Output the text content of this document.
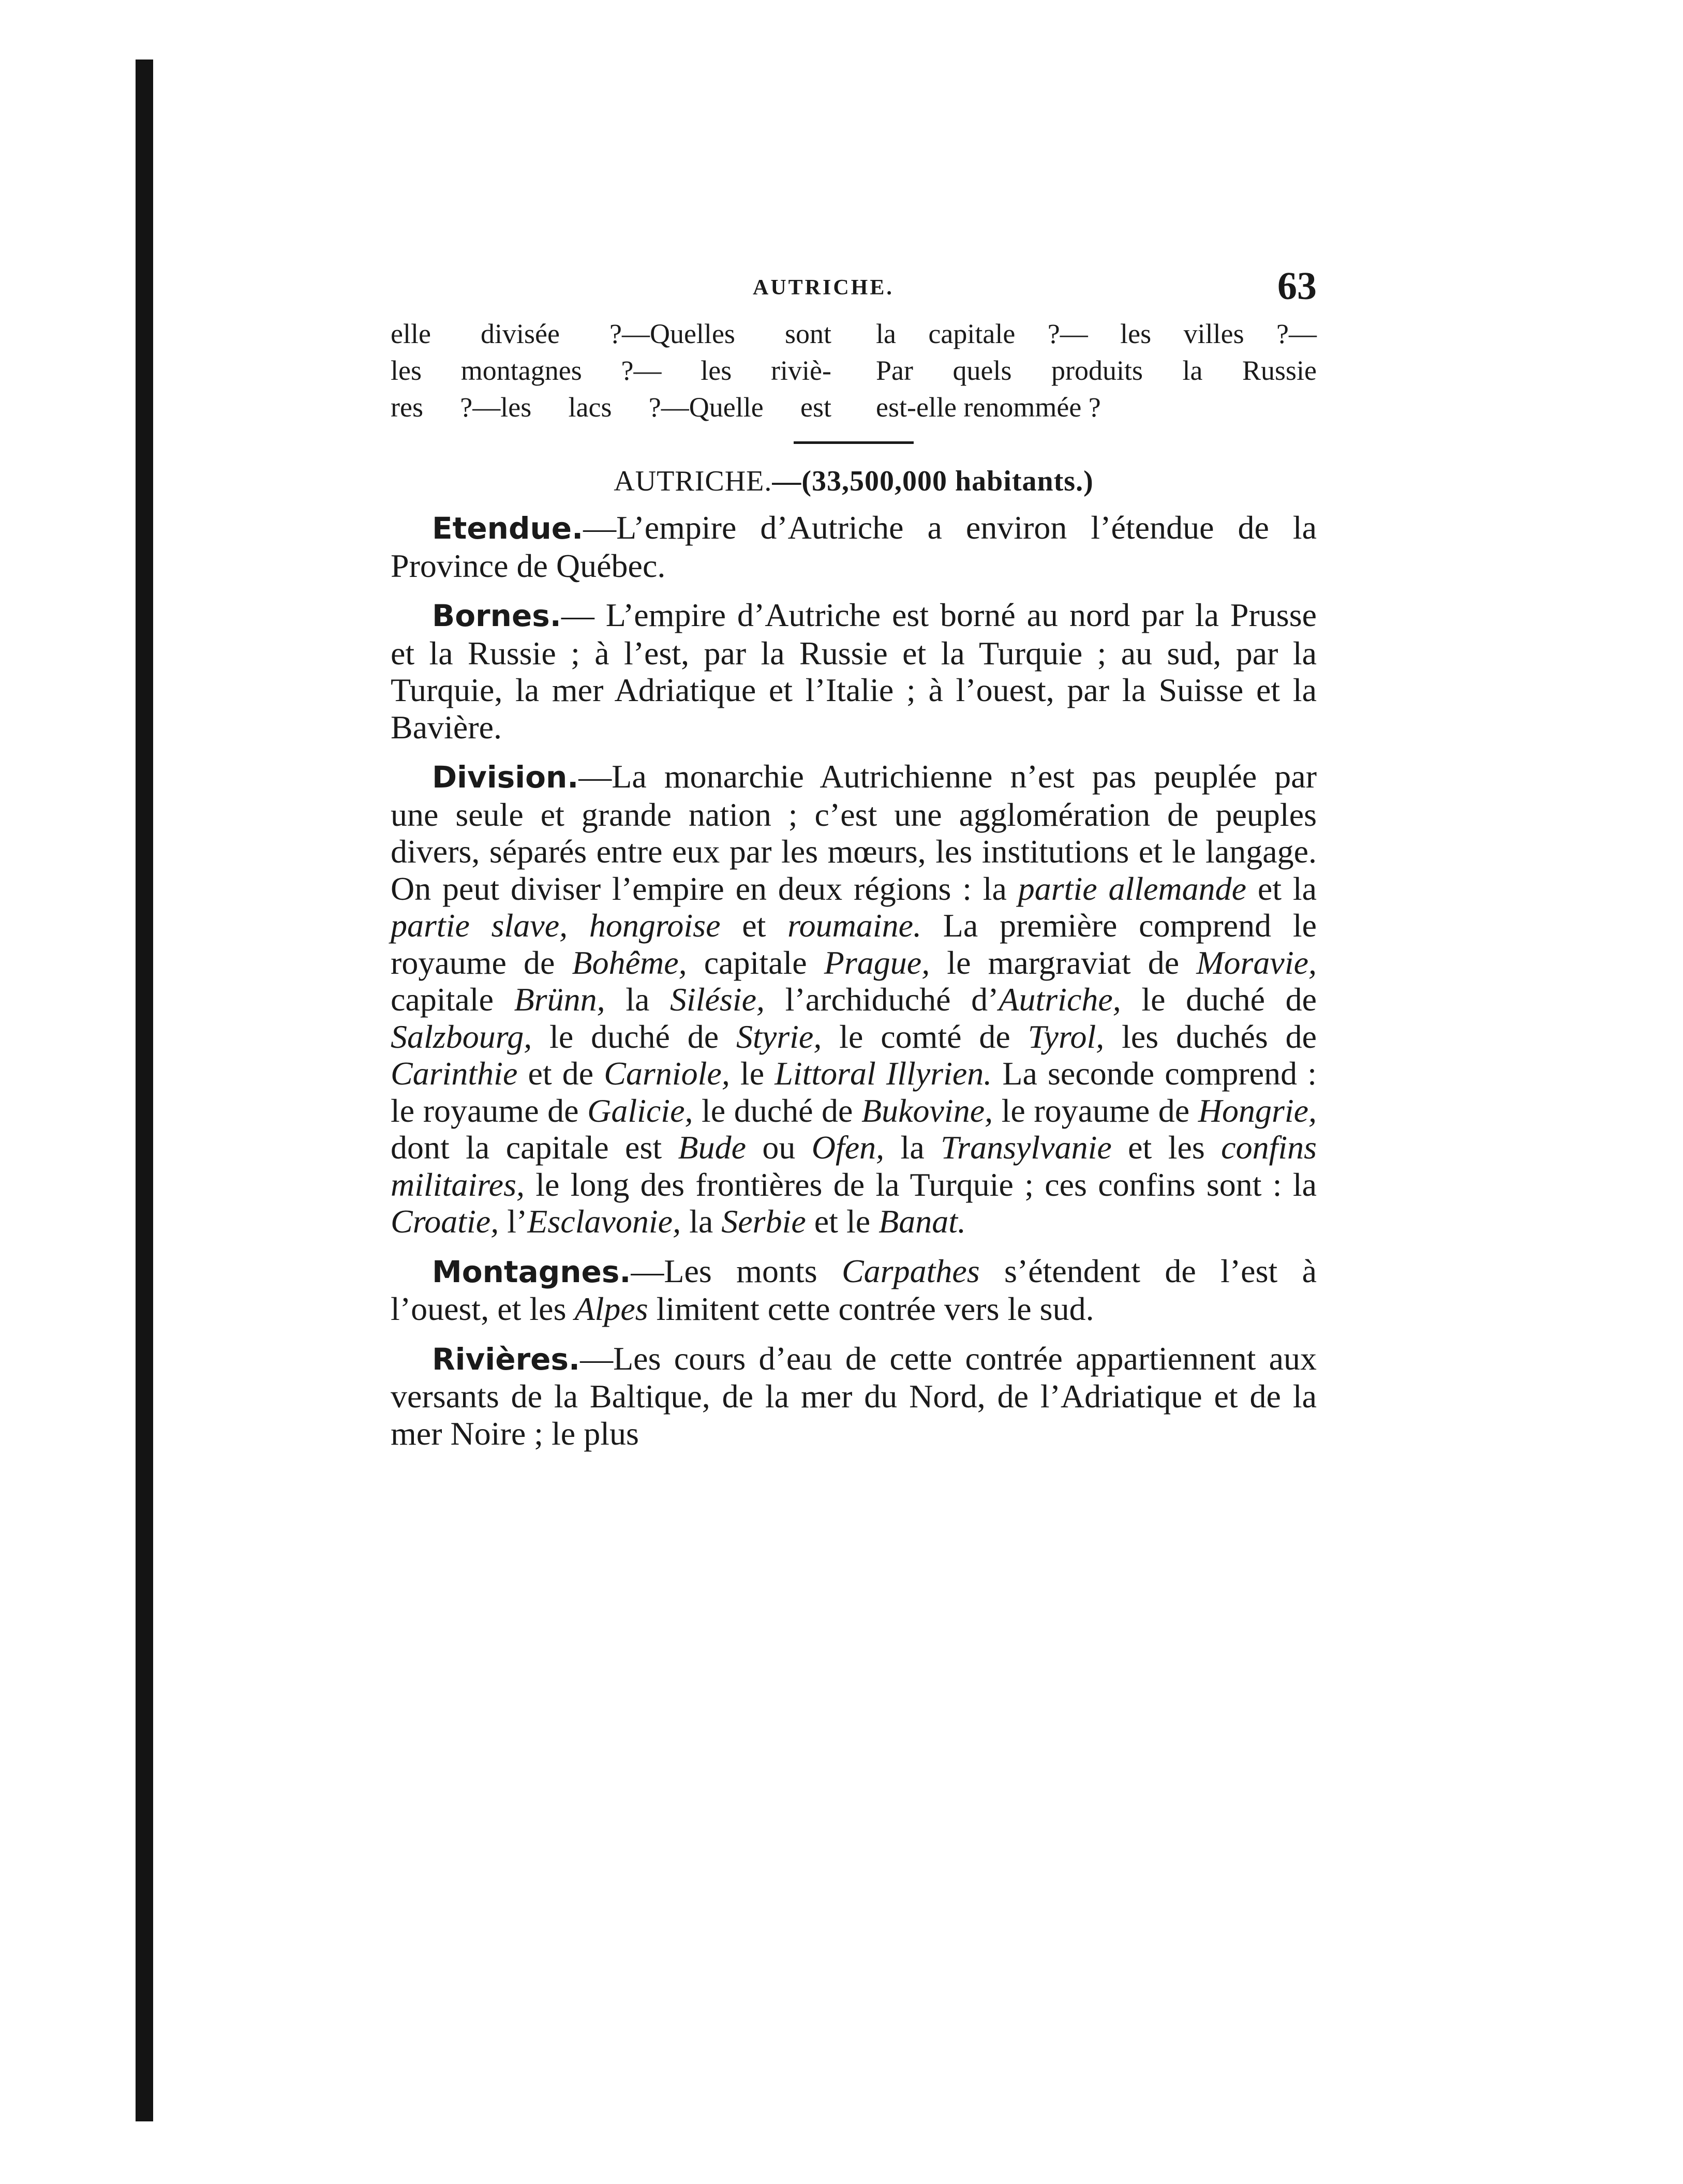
AUTRICHE.	63
elle divisée ?—Quelles sont
les montagnes ?— les riviè-
res ?—les lacs ?—Quelle est
la capitale ?— les villes ?—
Par quels produits la Russie
est-elle renommée ?
AUTRICHE.—(33,500,000 habitants.)

Etendue.—L’empire d’Autriche a environ l’étendue de la Province de Québec.

Bornes.— L’empire d’Autriche est borné au nord par la Prusse et la Russie ; à l’est, par la Russie et la Turquie ; au sud, par la Turquie, la mer Adriatique et l’Italie ; à l’ouest, par la Suisse et la Bavière.

Division.—La monarchie Autrichienne n’est pas peuplée par une seule et grande nation ; c’est une agglomération de peuples divers, séparés entre eux par les mœurs, les institutions et le langage. On peut diviser l’empire en deux régions : la partie allemande et la partie slave, hongroise et roumaine. La première comprend le royaume de Bohême, capitale Prague, le margraviat de Moravie, capitale Brünn, la Silésie, l’archiduché d’Autriche, le duché de Salzbourg, le duché de Styrie, le comté de Tyrol, les duchés de Carinthie et de Carniole, le Littoral Illyrien. La seconde comprend : le royaume de Galicie, le duché de Bukovine, le royaume de Hongrie, dont la capitale est Bude ou Ofen, la Transylvanie et les confins militaires, le long des frontières de la Turquie ; ces confins sont : la Croatie, l’Esclavonie, la Serbie et le Banat.

Montagnes.—Les monts Carpathes s’étendent de l’est à l’ouest, et les Alpes limitent cette contrée vers le sud.

Rivières.—Les cours d’eau de cette contrée appartiennent aux versants de la Baltique, de la mer du Nord, de l’Adriatique et de la mer Noire ; le plus
